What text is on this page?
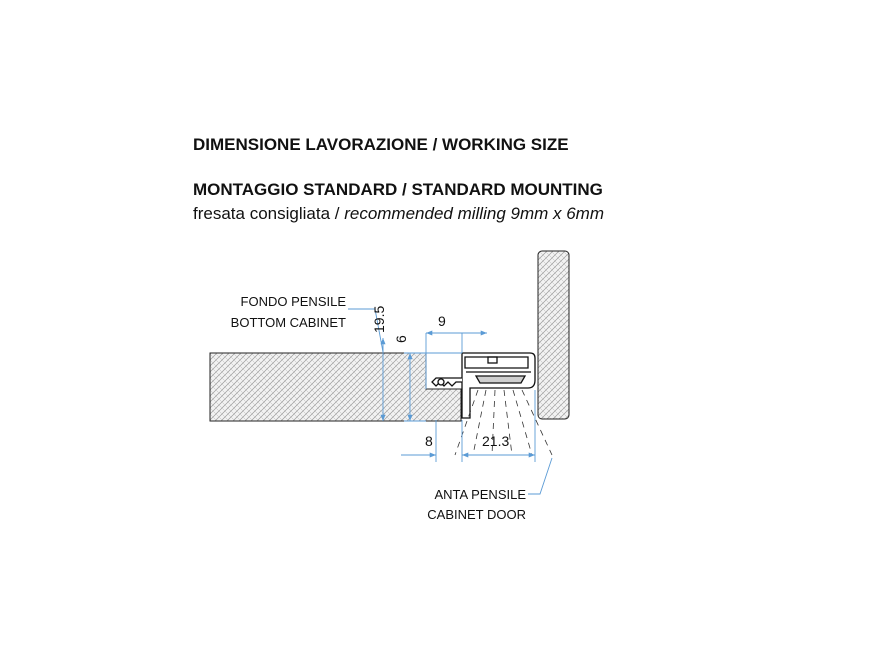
DIMENSIONE LAVORAZIONE / WORKING SIZE
MONTAGGIO STANDARD / STANDARD MOUNTING
fresata consigliata / recommended milling 9mm x 6mm
FONDO PENSILE
BOTTOM CABINET
ANTA PENSILE
CABINET DOOR
19.5
6
9
8	21.3
